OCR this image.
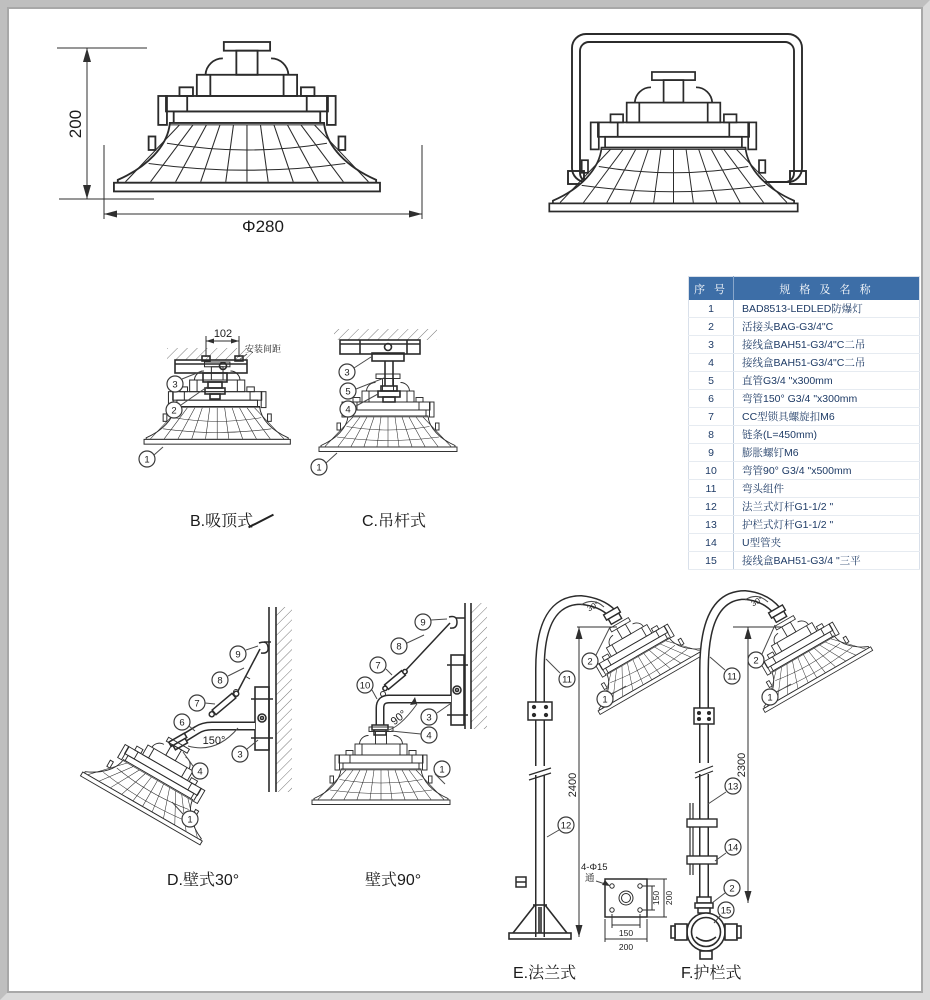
200
Φ280
102
安装间距
3
2
1
B.吸顶式
3
5
4
1
C.吊杆式
150°
9
8
7
6
4
3
1
D.壁式30°
90°
9
8
7
10
3
4
1
壁式90°
30°
2400
11
2
1
12
4-Φ15
通
150 200
150
200
E.法兰式
30°
2300
11
2
1
13
14
2
15
F.护栏式
序 号	规 格 及 名 称
1	BAD8513-LEDLED防爆灯
2	活接头BAG-G3/4"C
3	接线盒BAH51-G3/4"C二吊
4	接线盒BAH51-G3/4"C二吊
5	直管G3/4 "x300mm
6	弯管150° G3/4 "x300mm
7	CC型锁具螺旋扣M6
8	链条(L=450mm)
9	膨胀螺钉M6
10	弯管90° G3/4 "x500mm
11	弯头组件
12	法兰式灯杆G1-1/2 "
13	护栏式灯杆G1-1/2 "
14	U型管夹
15	接线盒BAH51-G3/4 "三平
